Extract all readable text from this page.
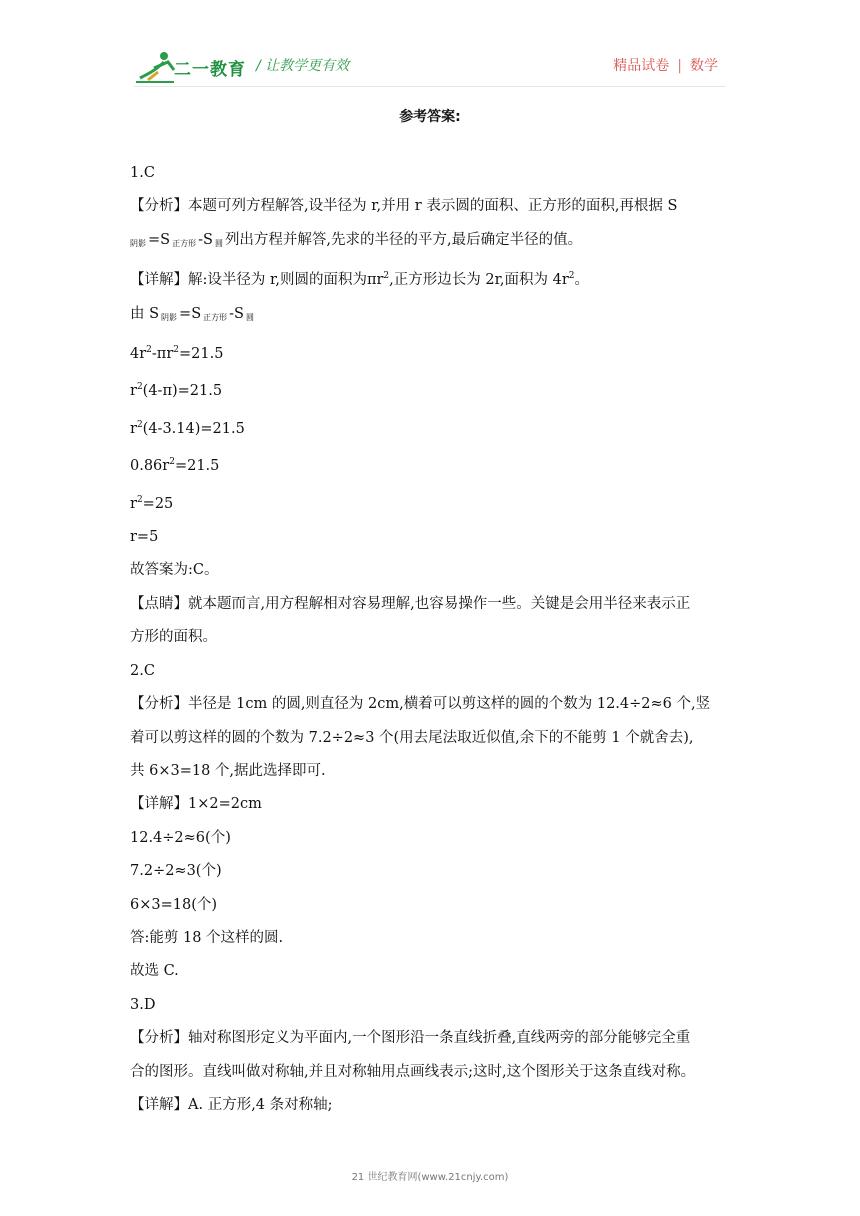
二一教育 / 让教学更有效	精品试卷 | 数学
参考答案:

1.C

【分析】本题可列方程解答,设半径为 r,并用 r 表示圆的面积、正方形的面积,再根据 S

$_{阴影}$ =S $_{正方形}$ -S $_圆$ 列出方程并解答,先求的半径的平方,最后确定半径的值。

【详解】解:设半径为 r,则圆的面积为$\pi r^2$,正方形边长为 2r,面积为 $4r^2$。

由 S $_{阴影}$ =S $_{正方形}$ -S $_圆$

$4r^2-\pi r^2=21.5$

$r^2(4-\pi)=21.5$

$r^2(4-3.14)=21.5$

$0.86r^2=21.5$

$r^2=25$

r=5

故答案为:C。

【点睛】就本题而言,用方程解相对容易理解,也容易操作一些。关键是会用半径来表示正

方形的面积。

2.C

【分析】半径是 1cm 的圆,则直径为 2cm,横着可以剪这样的圆的个数为 12.4÷2≈6 个,竖

着可以剪这样的圆的个数为 7.2÷2≈3 个(用去尾法取近似值,余下的不能剪 1 个就舍去),

共 6×3=18 个,据此选择即可.

【详解】1×2=2cm

12.4÷2≈6(个)

7.2÷2≈3(个)

6×3=18(个)

答:能剪 18 个这样的圆.

故选 C.

3.D

【分析】轴对称图形定义为平面内,一个图形沿一条直线折叠,直线两旁的部分能够完全重

合的图形。直线叫做对称轴,并且对称轴用点画线表示;这时,这个图形关于这条直线对称。

【详解】A. 正方形,4 条对称轴;

21 世纪教育网(www.21cnjy.com)
